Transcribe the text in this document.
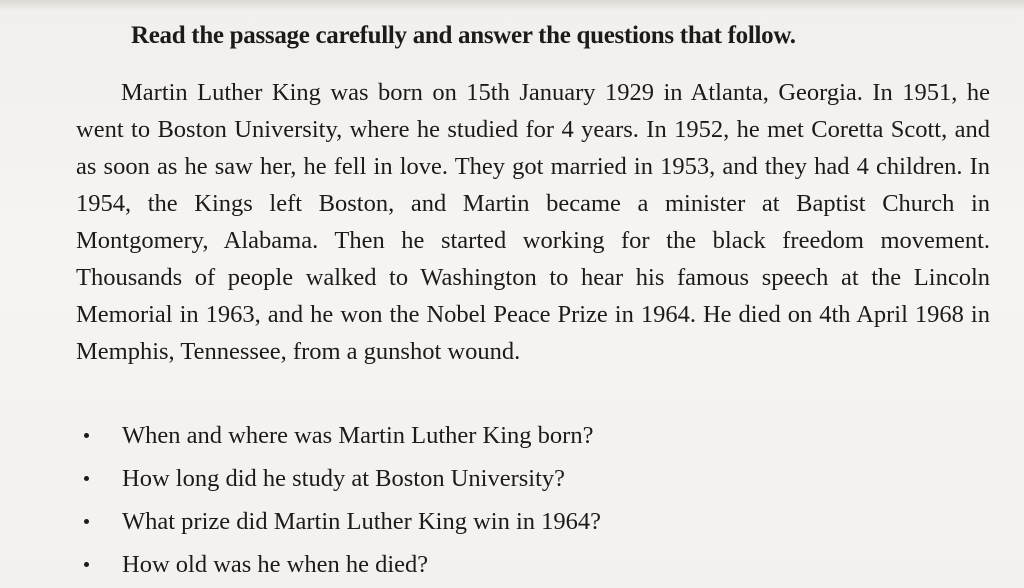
Read the passage carefully and answer the questions that follow.

Martin Luther King was born on 15th January 1929 in Atlanta, Georgia. In 1951, he went to Boston University, where he studied for 4 years. In 1952, he met Coretta Scott, and as soon as he saw her, he fell in love. They got married in 1953, and they had 4 children. In 1954, the Kings left Boston, and Martin became a minister at Baptist Church in Montgomery, Alabama. Then he started working for the black freedom movement. Thousands of people walked to Washington to hear his famous speech at the Lincoln Memorial in 1963, and he won the Nobel Peace Prize in 1964. He died on 4th April 1968 in Memphis, Tennessee, from a gunshot wound.

When and where was Martin Luther King born?
How long did he study at Boston University?
What prize did Martin Luther King win in 1964?
How old was he when he died?
